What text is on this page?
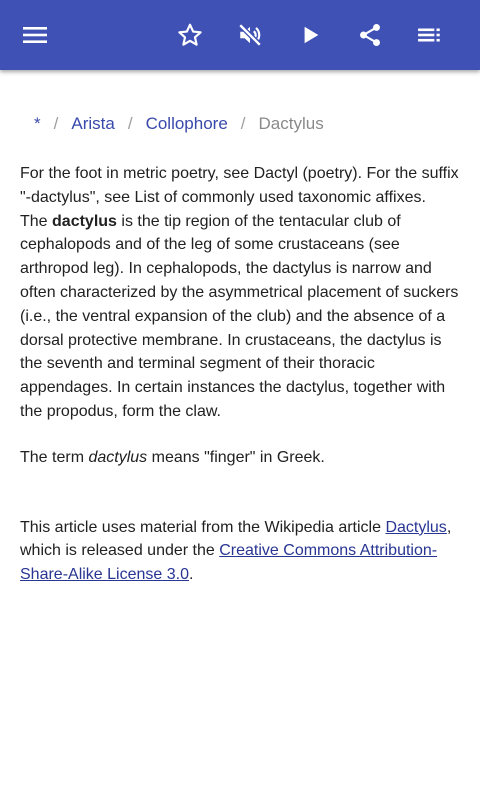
* / Arista / Collophore / Dactylus

For the foot in metric poetry, see Dactyl (poetry). For the suffix "-dactylus", see List of commonly used taxonomic affixes.

The dactylus is the tip region of the tentacular club of cephalopods and of the leg of some crustaceans (see arthropod leg). In cephalopods, the dactylus is narrow and often characterized by the asymmetrical placement of suckers (i.e., the ventral expansion of the club) and the absence of a dorsal protective membrane. In crustaceans, the dactylus is the seventh and terminal segment of their thoracic appendages. In certain instances the dactylus, together with the propodus, form the claw.

The term dactylus means "finger" in Greek.

This article uses material from the Wikipedia article Dactylus, which is released under the Creative Commons Attribution-Share-Alike License 3.0.
